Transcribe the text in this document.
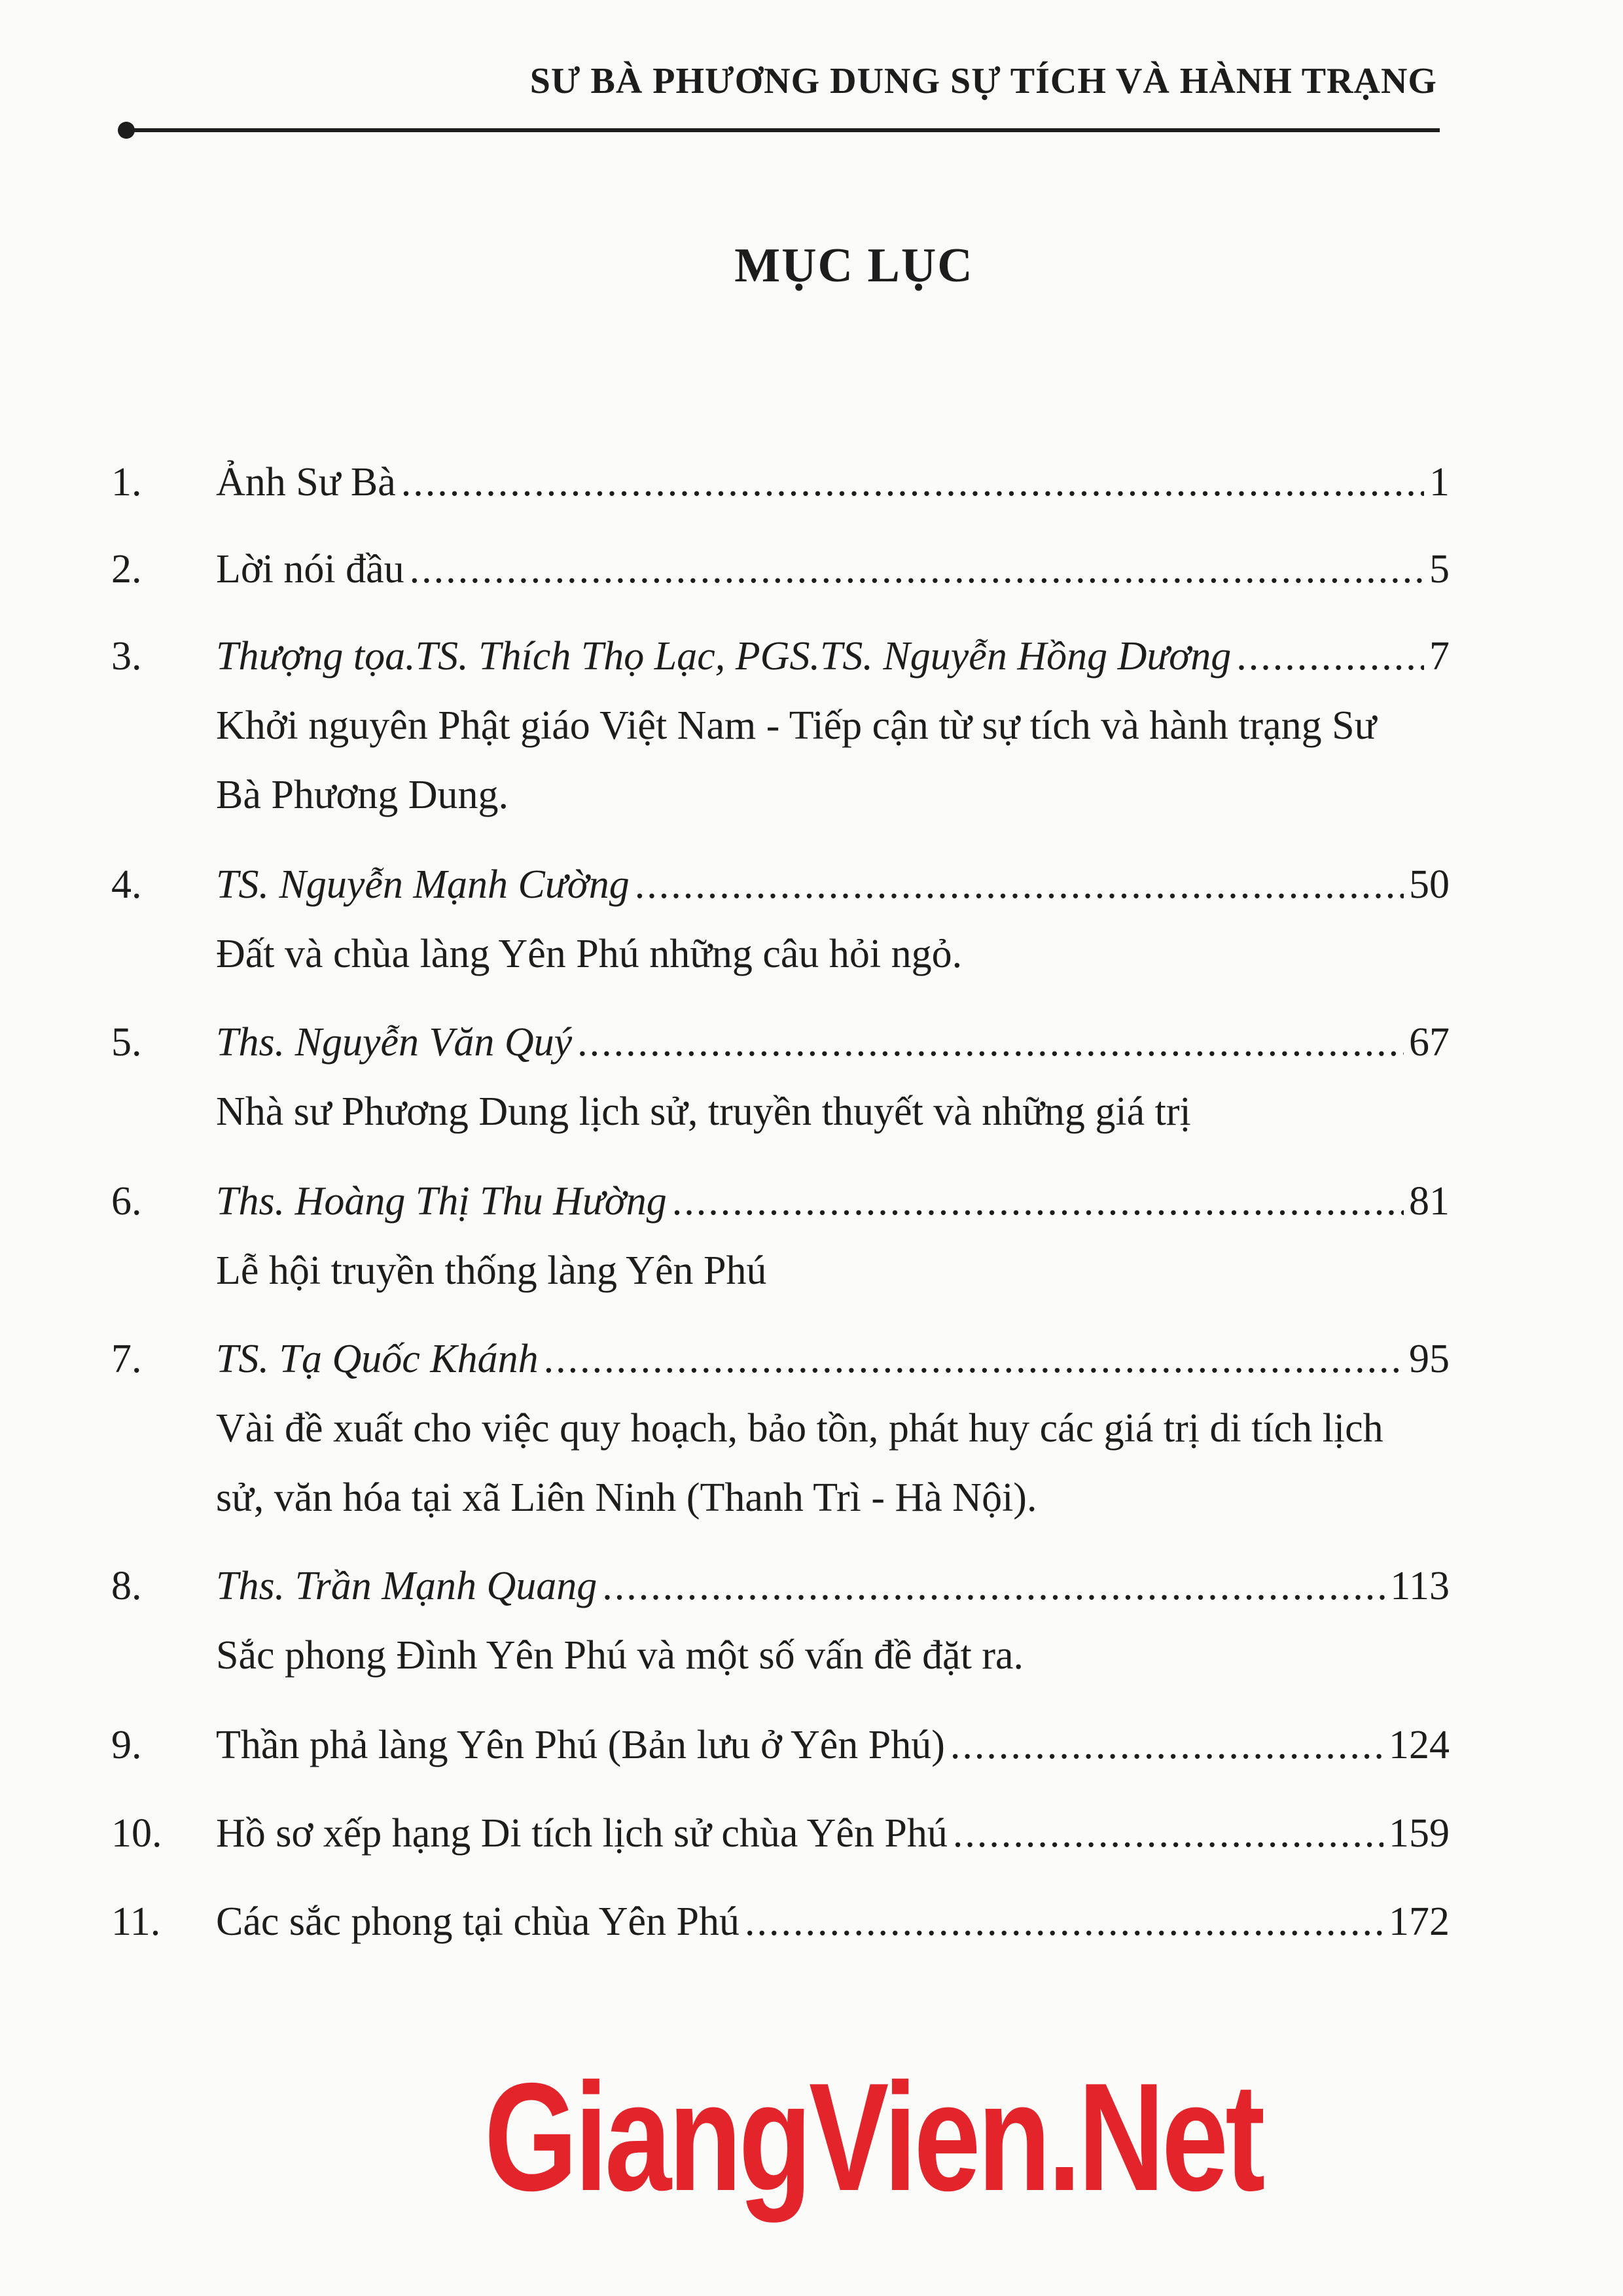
SƯ BÀ PHƯƠNG DUNG SỰ TÍCH VÀ HÀNH TRẠNG
MỤC LỤC
1.	Ảnh Sư Bà .....	1
2.	Lời nói đầu .....	5
3.	Thượng tọa.TS. Thích Thọ Lạc, PGS.TS. Nguyễn Hồng Dương .....	7
Khởi nguyên Phật giáo Việt Nam - Tiếp cận từ sự tích và hành trạng Sư Bà Phương Dung.
4.	TS. Nguyễn Mạnh Cường .....	50
Đất và chùa làng Yên Phú những câu hỏi ngỏ.
5.	Ths. Nguyễn Văn Quý .....	67
Nhà sư Phương Dung lịch sử, truyền thuyết và những giá trị
6.	Ths. Hoàng Thị Thu Hường .....	81
Lễ hội truyền thống làng Yên Phú
7.	TS. Tạ Quốc Khánh .....	95
Vài đề xuất cho việc quy hoạch, bảo tồn, phát huy các giá trị di tích lịch sử, văn hóa tại xã Liên Ninh (Thanh Trì - Hà Nội).
8.	Ths. Trần Mạnh Quang .....	113
Sắc phong Đình Yên Phú và một số vấn đề đặt ra.
9.	Thần phả làng Yên Phú (Bản lưu ở Yên Phú) .....	124
10.	Hồ sơ xếp hạng Di tích lịch sử chùa Yên Phú .....	159
11.	Các sắc phong tại chùa Yên Phú .....	172
GiangVien.Net
